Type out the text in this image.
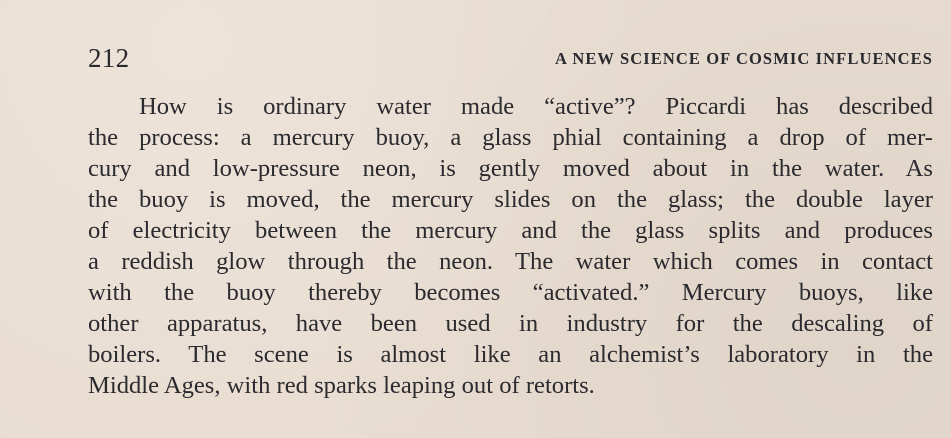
212	A NEW SCIENCE OF COSMIC INFLUENCES
How is ordinary water made “active”? Piccardi has described
the process: a mercury buoy, a glass phial containing a drop of mer-
cury and low-pressure neon, is gently moved about in the water. As
the buoy is moved, the mercury slides on the glass; the double layer
of electricity between the mercury and the glass splits and produces
a reddish glow through the neon. The water which comes in contact
with the buoy thereby becomes “activated.” Mercury buoys, like
other apparatus, have been used in industry for the descaling of
boilers. The scene is almost like an alchemist’s laboratory in the
Middle Ages, with red sparks leaping out of retorts.
